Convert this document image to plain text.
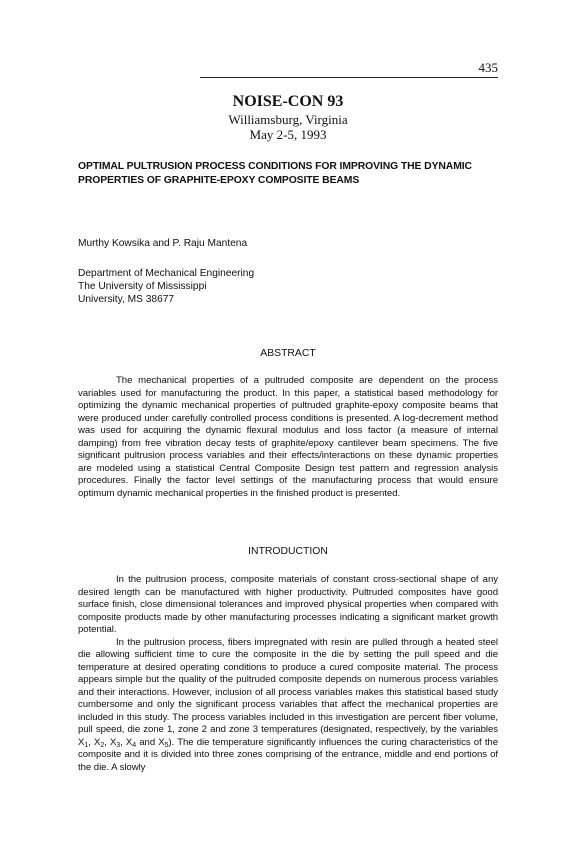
435
NOISE-CON 93
Williamsburg, Virginia
May 2-5, 1993
OPTIMAL PULTRUSION PROCESS CONDITIONS FOR IMPROVING THE DYNAMIC PROPERTIES OF GRAPHITE-EPOXY COMPOSITE BEAMS
Murthy Kowsika and P. Raju Mantena
Department of Mechanical Engineering
The University of Mississippi
University, MS 38677
ABSTRACT

The mechanical properties of a pultruded composite are dependent on the process variables used for manufacturing the product. In this paper, a statistical based methodology for optimizing the dynamic mechanical properties of pultruded graphite-epoxy composite beams that were produced under carefully controlled process conditions is presented. A log-decrement method was used for acquiring the dynamic flexural modulus and loss factor (a measure of internal damping) from free vibration decay tests of graphite/epoxy cantilever beam specimens. The five significant pultrusion process variables and their effects/interactions on these dynamic properties are modeled using a statistical Central Composite Design test pattern and regression analysis procedures. Finally the factor level settings of the manufacturing process that would ensure optimum dynamic mechanical properties in the finished product is presented.

INTRODUCTION

In the pultrusion process, composite materials of constant cross-sectional shape of any desired length can be manufactured with higher productivity. Pultruded composites have good surface finish, close dimensional tolerances and improved physical properties when compared with composite products made by other manufacturing processes indicating a significant market growth potential.

In the pultrusion process, fibers impregnated with resin are pulled through a heated steel die allowing sufficient time to cure the composite in the die by setting the pull speed and die temperature at desired operating conditions to produce a cured composite material. The process appears simple but the quality of the pultruded composite depends on numerous process variables and their interactions. However, inclusion of all process variables makes this statistical based study cumbersome and only the significant process variables that affect the mechanical properties are included in this study. The process variables included in this investigation are percent fiber volume, pull speed, die zone 1, zone 2 and zone 3 temperatures (designated, respectively, by the variables $X_1$, $X_2$, $X_3$, $X_4$ and $X_5$). The die temperature significantly influences the curing characteristics of the composite and it is divided into three zones comprising of the entrance, middle and end portions of the die. A slowly
